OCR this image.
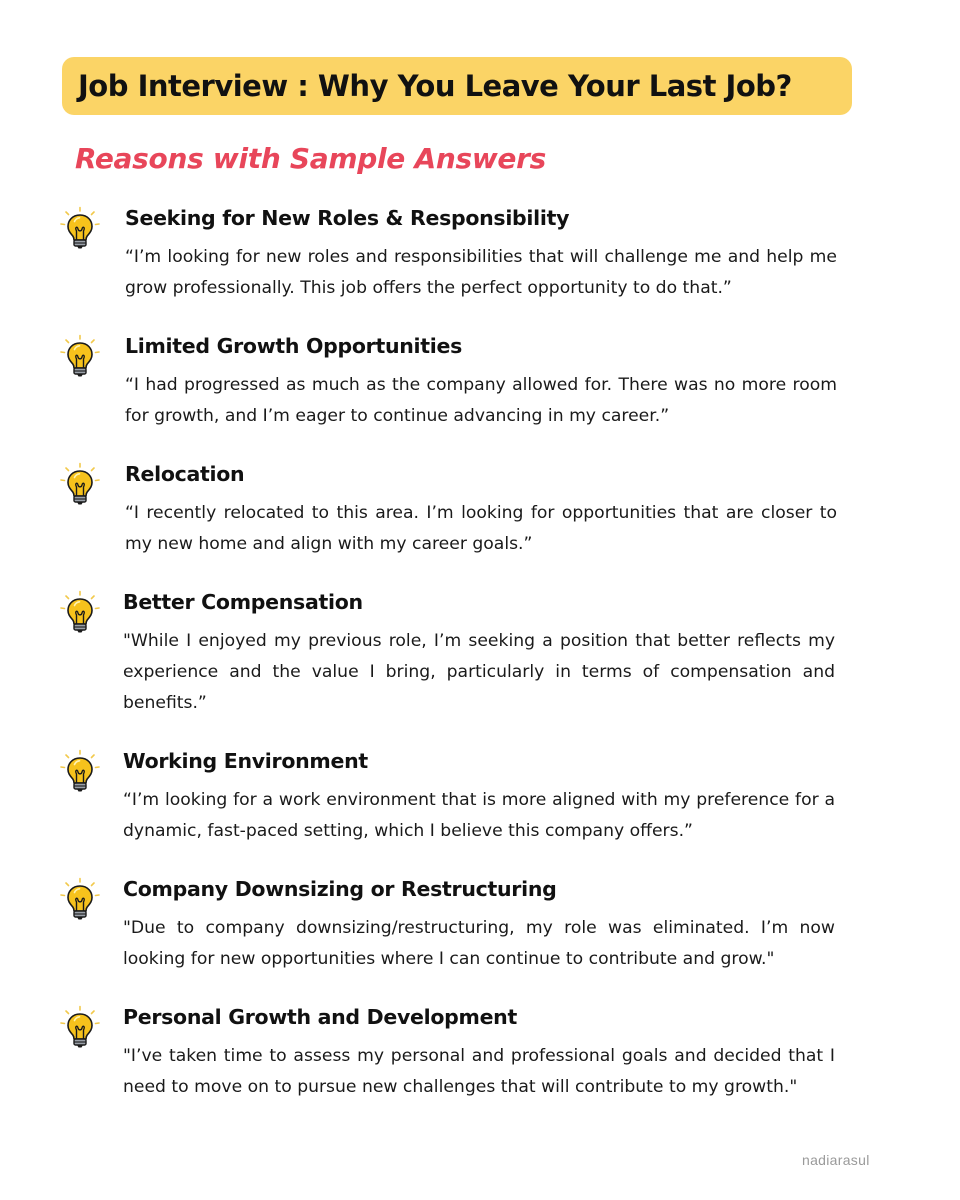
Job Interview : Why You Leave Your Last Job?
Reasons with Sample Answers
Seeking for New Roles & Responsibility

“I’m looking for new roles and responsibilities that will challenge me and help me grow professionally. This job offers the perfect opportunity to do that.”

Limited Growth Opportunities

“I had progressed as much as the company allowed for. There was no more room for growth, and I’m eager to continue advancing in my career.”

Relocation

“I recently relocated to this area. I’m looking for opportunities that are closer to my new home and align with my career goals.”

Better Compensation

"While I enjoyed my previous role, I’m seeking a position that better reflects my experience and the value I bring, particularly in terms of compensation and benefits.”

Working Environment

“I’m looking for a work environment that is more aligned with my preference for a dynamic, fast-paced setting, which I believe this company offers.”

Company Downsizing or Restructuring

"Due to company downsizing/restructuring, my role was eliminated. I’m now looking for new opportunities where I can continue to contribute and grow."

Personal Growth and Development

"I’ve taken time to assess my personal and professional goals and decided that I need to move on to pursue new challenges that will contribute to my growth."

nadiarasul
